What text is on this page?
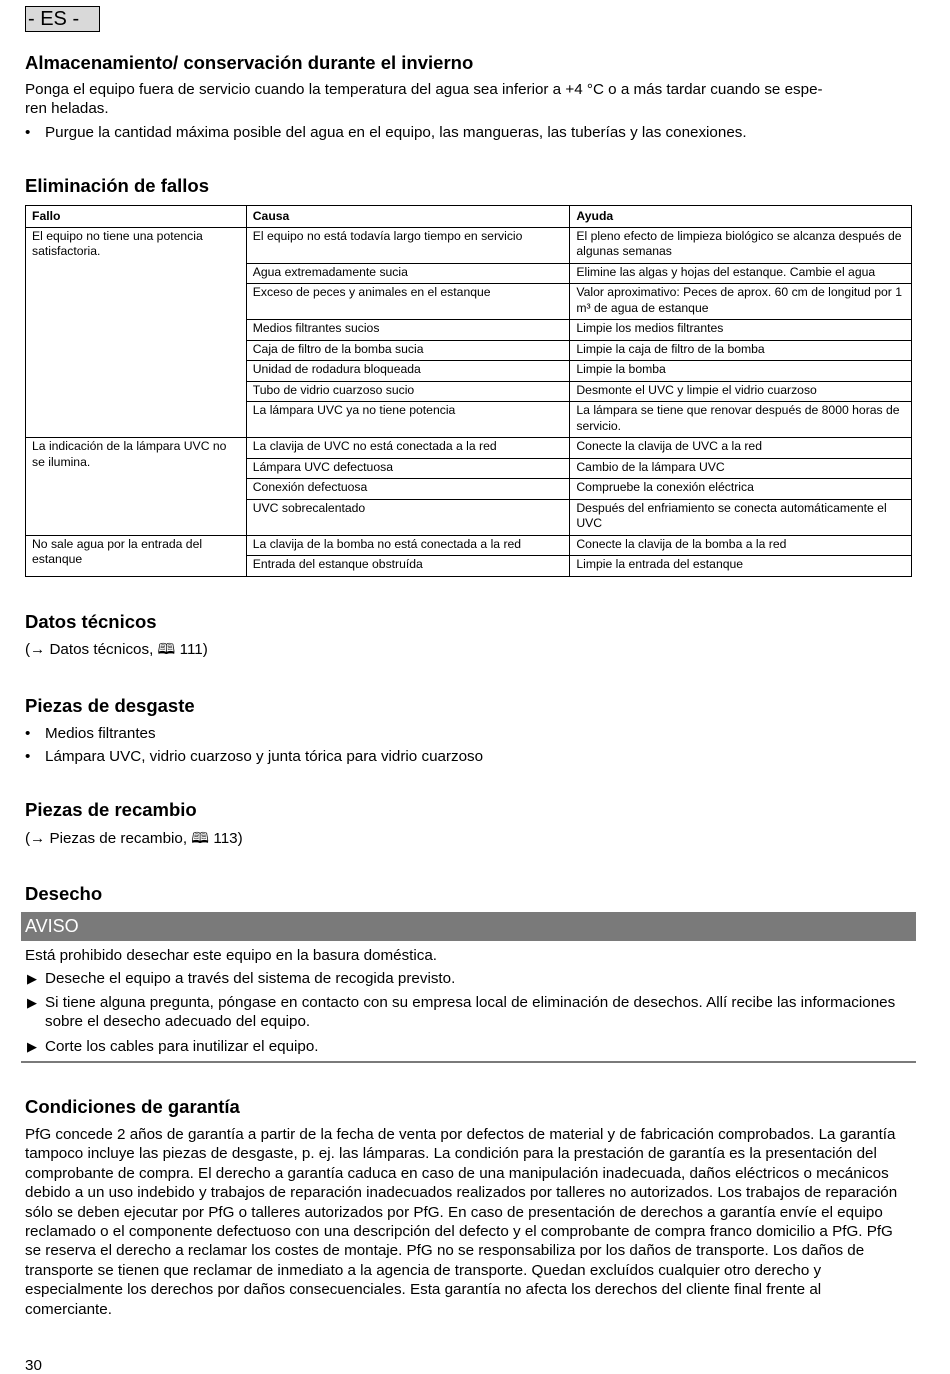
- ES -
Almacenamiento/ conservación durante el invierno
Ponga el equipo fuera de servicio cuando la temperatura del agua sea inferior a +4 °C o a más tardar cuando se espe-
ren heladas.
• Purgue la cantidad máxima posible del agua en el equipo, las mangueras, las tuberías y las conexiones.
Eliminación de fallos
Fallo	Causa	Ayuda
El equipo no tiene una potencia satisfactoria.	El equipo no está todavía largo tiempo en servicio	El pleno efecto de limpieza biológico se alcanza después de algunas semanas
	Agua extremadamente sucia	Elimine las algas y hojas del estanque. Cambie el agua
	Exceso de peces y animales en el estanque	Valor aproximativo: Peces de aprox. 60 cm de longitud por 1 m³ de agua de estanque
	Medios filtrantes sucios	Limpie los medios filtrantes
	Caja de filtro de la bomba sucia	Limpie la caja de filtro de la bomba
	Unidad de rodadura bloqueada	Limpie la bomba
	Tubo de vidrio cuarzoso sucio	Desmonte el UVC y limpie el vidrio cuarzoso
	La lámpara UVC ya no tiene potencia	La lámpara se tiene que renovar después de 8000 horas de servicio.
La indicación de la lámpara UVC no se ilumina.	La clavija de UVC no está conectada a la red	Conecte la clavija de UVC a la red
	Lámpara UVC defectuosa	Cambio de la lámpara UVC
	Conexión defectuosa	Compruebe la conexión eléctrica
	UVC sobrecalentado	Después del enfriamiento se conecta automáticamente el UVC
No sale agua por la entrada del estanque	La clavija de la bomba no está conectada a la red	Conecte la clavija de la bomba a la red
	Entrada del estanque obstruída	Limpie la entrada del estanque
Datos técnicos
(→ Datos técnicos, 🕮 111)
Piezas de desgaste
• Medios filtrantes
• Lámpara UVC, vidrio cuarzoso y junta tórica para vidrio cuarzoso
Piezas de recambio
(→ Piezas de recambio, 🕮 113)
Desecho
AVISO
Está prohibido desechar este equipo en la basura doméstica.
▶ Deseche el equipo a través del sistema de recogida previsto.
▶ Si tiene alguna pregunta, póngase en contacto con su empresa local de eliminación de desechos. Allí recibe las informaciones sobre el desecho adecuado del equipo.
▶ Corte los cables para inutilizar el equipo.
Condiciones de garantía
PfG concede 2 años de garantía a partir de la fecha de venta por defectos de material y de fabricación comprobados. La garantía tampoco incluye las piezas de desgaste, p. ej. las lámparas. La condición para la prestación de garantía es la presentación del comprobante de compra. El derecho a garantía caduca en caso de una manipulación inadecuada, daños eléctricos o mecánicos debido a un uso indebido y trabajos de reparación inadecuados realizados por talleres no autorizados. Los trabajos de reparación sólo se deben ejecutar por PfG o talleres autorizados por PfG. En caso de presentación de derechos a garantía envíe el equipo reclamado o el componente defectuoso con una descripción del defecto y el comprobante de compra franco domicilio a PfG. PfG se reserva el derecho a reclamar los costes de montaje. PfG no se responsabiliza por los daños de transporte. Los daños de transporte se tienen que reclamar de inmediato a la agencia de transporte. Quedan excluídos cualquier otro derecho y especialmente los derechos por daños consecuenciales. Esta garantía no afecta los derechos del cliente final frente al comerciante.
30
